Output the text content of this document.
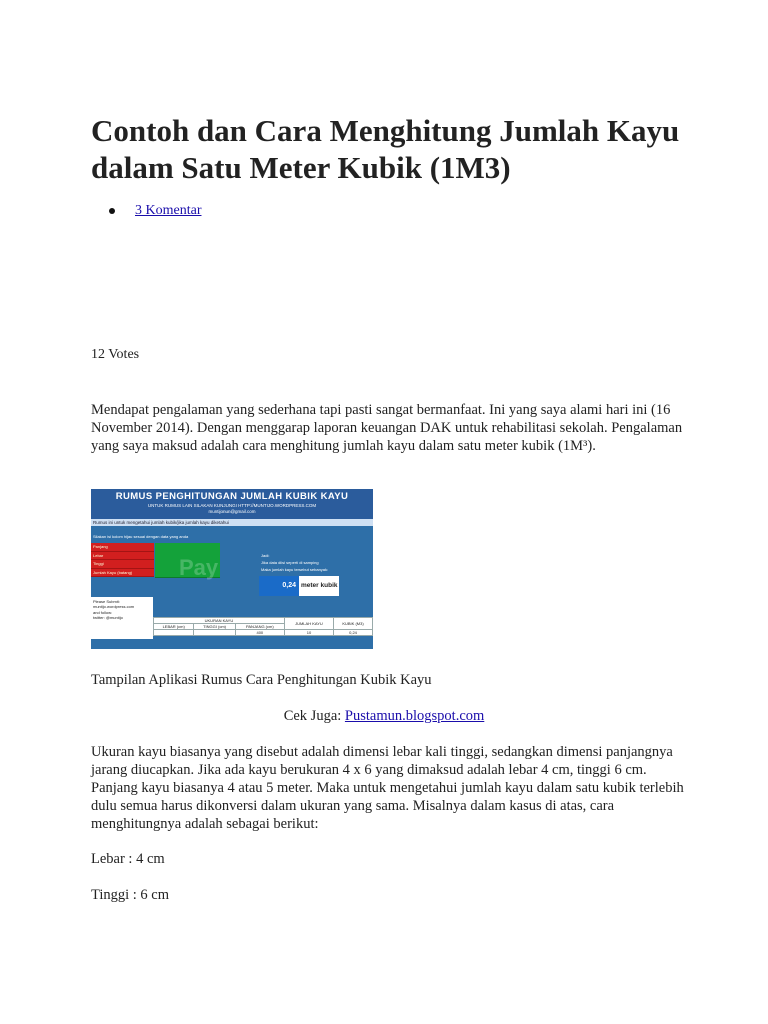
Contoh dan Cara Menghitung Jumlah Kayu dalam Satu Meter Kubik (1M3)
3 Komentar
12 Votes

Mendapat pengalaman yang sederhana tapi pasti sangat bermanfaat. Ini yang saya alami hari ini (16 November 2014). Dengan menggarap laporan keuangan DAK untuk rehabilitasi sekolah. Pengalaman yang saya maksud adalah cara menghitung jumlah kayu dalam satu meter kubik (1M³).

RUMUS PENGHITUNGAN JUMLAH KUBIK KAYU
UNTUK RUMUS LAIN SILAKAN KUNJUNGI HTTP://MUNTIJO.WORDPRESS.COM
muntijonun@gmail.com
Rumus ini untuk mengetahui jumlah kubik/jika jumlah kayu diketahui
Silakan isi kolom hijau sesuai dengan data yang anda
Panjang
Lebar
Tinggi
Jumlah Kayu (batang)	Pay	Jadi:
Jika data diisi seperti di samping
Maka jumlah kayu tersebut sebanyak:
0,24 meter kubik
Please Submit:
muntijo.wordpress.com
and follow:
twitter: @muntijo
UKURAN KAYU			JUMLAH KAYU	KUBIK (M3)
LEBAR (cm)	TINGGI (cm)	PANJANG (cm)		
		400	10	0,24
Tampilan Aplikasi Rumus Cara Penghitungan Kubik Kayu
Cek Juga: Pustamun.blogspot.com

Ukuran kayu biasanya yang disebut adalah dimensi lebar kali tinggi, sedangkan dimensi panjangnya jarang diucapkan. Jika ada kayu berukuran 4 x 6 yang dimaksud adalah lebar 4 cm, tinggi 6 cm. Panjang kayu biasanya 4 atau 5 meter. Maka untuk mengetahui jumlah kayu dalam satu kubik terlebih dulu semua harus dikonversi dalam ukuran yang sama. Misalnya dalam kasus di atas, cara menghitungnya adalah sebagai berikut:

Lebar : 4 cm
Tinggi : 6 cm
